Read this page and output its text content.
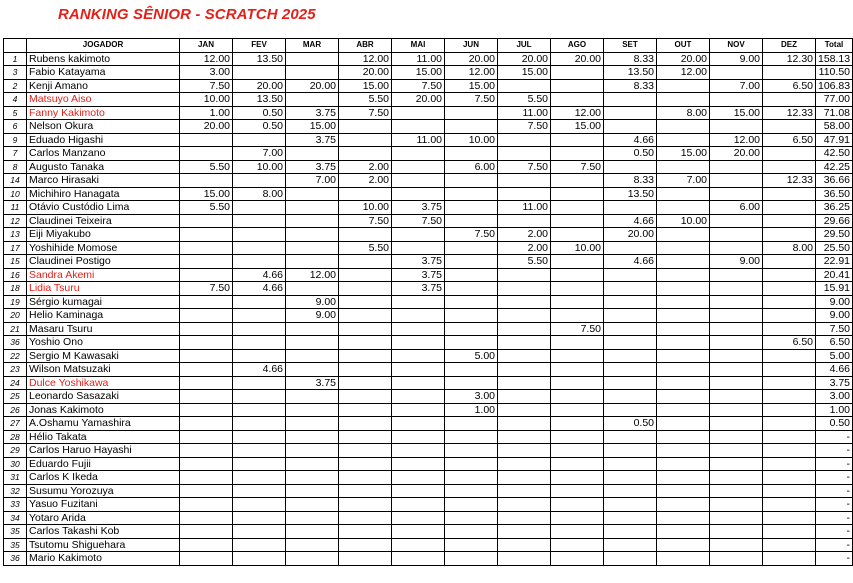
RANKING SÊNIOR - SCRATCH 2025
	JOGADOR	JAN	FEV	MAR	ABR	MAI	JUN	JUL	AGO	SET	OUT	NOV	DEZ	Total
1	Rubens kakimoto	12.00	13.50		12.00	11.00	20.00	20.00	20.00	8.33	20.00	9.00	12.30	158.13
3	Fabio Katayama	3.00			20.00	15.00	12.00	15.00		13.50	12.00			110.50
2	Kenji Amano	7.50	20.00	20.00	15.00	7.50	15.00			8.33		7.00	6.50	106.83
4	Matsuyo Aiso	10.00	13.50		5.50	20.00	7.50	5.50						77.00
5	Fanny Kakimoto	1.00	0.50	3.75	7.50			11.00	12.00		8.00	15.00	12.33	71.08
6	Nelson Okura	20.00	0.50	15.00				7.50	15.00					58.00
9	Eduado Higashi			3.75		11.00	10.00			4.66		12.00	6.50	47.91
7	Carlos Manzano		7.00							0.50	15.00	20.00		42.50
8	Augusto Tanaka	5.50	10.00	3.75	2.00		6.00	7.50	7.50					42.25
14	Marco Hirasaki			7.00	2.00					8.33	7.00		12.33	36.66
10	Michihiro Hanagata	15.00	8.00							13.50				36.50
11	Otávio Custódio Lima	5.50			10.00	3.75		11.00				6.00		36.25
12	Claudinei Teixeira				7.50	7.50				4.66	10.00			29.66
13	Eiji Miyakubo						7.50	2.00		20.00				29.50
17	Yoshihide Momose				5.50			2.00	10.00				8.00	25.50
15	Claudinei Postigo					3.75		5.50		4.66		9.00		22.91
16	Sandra Akemi		4.66	12.00		3.75								20.41
18	Lidia Tsuru	7.50	4.66			3.75								15.91
19	Sérgio kumagai			9.00										9.00
20	Helio Kaminaga			9.00										9.00
21	Masaru Tsuru								7.50					7.50
36	Yoshio Ono												6.50	6.50
22	Sergio M Kawasaki						5.00							5.00
23	Wilson Matsuzaki		4.66											4.66
24	Dulce Yoshikawa			3.75										3.75
25	Leonardo Sasazaki						3.00							3.00
26	Jonas Kakimoto						1.00							1.00
27	A.Oshamu Yamashira									0.50				0.50
28	Hélio Takata													-
29	Carlos Haruo Hayashi													-
30	Eduardo Fujii													-
31	Carlos K Ikeda													-
32	Susumu Yorozuya													-
33	Yasuo Fuzitani													-
34	Yotaro Arida													-
35	Carlos Takashi Kob													-
35	Tsutomu Shiguehara													-
36	Mario Kakimoto													-
